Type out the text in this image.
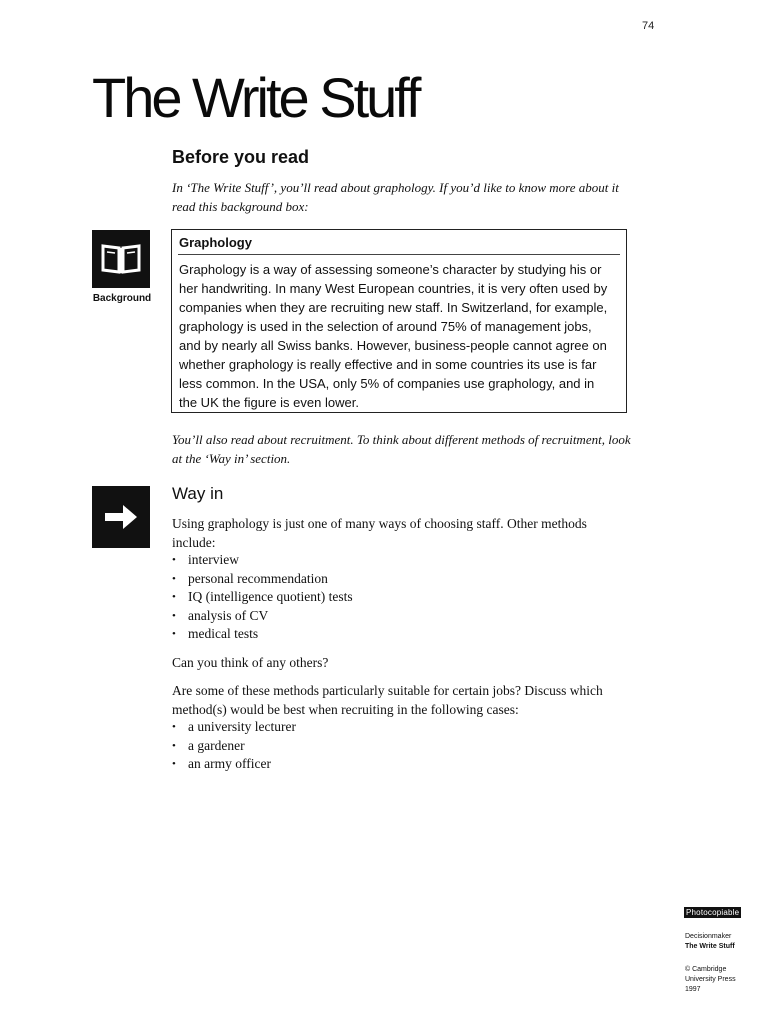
74
The Write Stuff
Before you read

In ‘The Write Stuff’, you’ll read about graphology. If you’d like to know more about it read this background box:

Background
Graphology

Graphology is a way of assessing someone’s character by studying his or her handwriting. In many West European countries, it is very often used by companies when they are recruiting new staff. In Switzerland, for example, graphology is used in the selection of around 75% of management jobs, and by nearly all Swiss banks. However, business-people cannot agree on whether graphology is really effective and in some countries its use is far less common. In the USA, only 5% of companies use graphology, and in the UK the figure is even lower.

You’ll also read about recruitment. To think about different methods of recruitment, look at the ‘Way in’ section.

Way in

Using graphology is just one of many ways of choosing staff. Other methods include:

• interview
• personal recommendation
• IQ (intelligence quotient) tests
• analysis of CV
• medical tests

Can you think of any others?

Are some of these methods particularly suitable for certain jobs? Discuss which method(s) would be best when recruiting in the following cases:

• a university lecturer
• a gardener
• an army officer
Photocopiable
Decisionmaker
The Write Stuff
© Cambridge
University Press
1997
